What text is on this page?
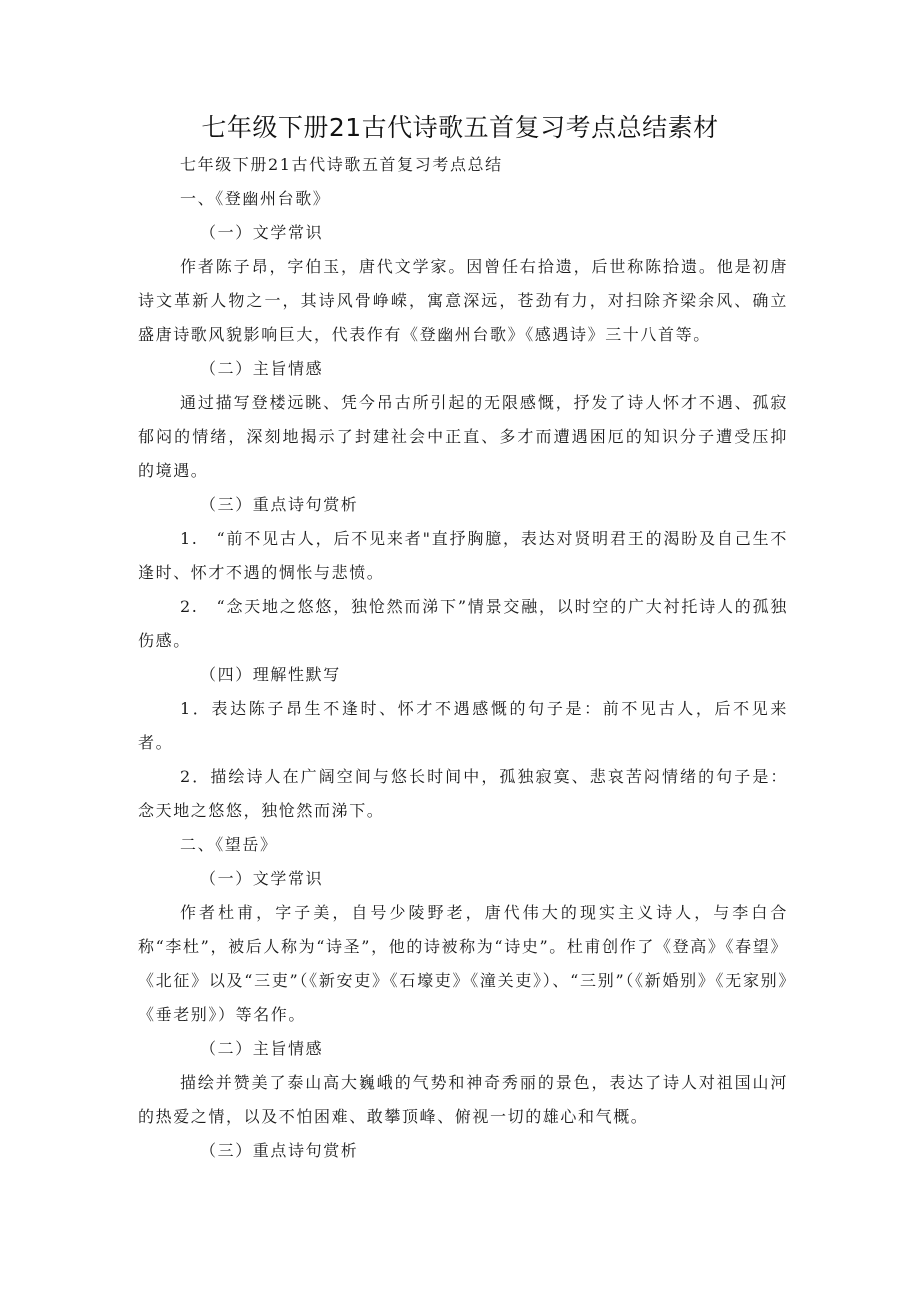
七年级下册21古代诗歌五首复习考点总结素材

七年级下册21古代诗歌五首复习考点总结

一、《登幽州台歌》

（一）文学常识

作者陈子昂，字伯玉，唐代文学家。因曾任右拾遗，后世称陈拾遗。他是初唐诗文革新人物之一，其诗风骨峥嵘，寓意深远，苍劲有力，对扫除齐梁余风、确立盛唐诗歌风貌影响巨大，代表作有《登幽州台歌》《感遇诗》三十八首等。

（二）主旨情感

通过描写登楼远眺、凭今吊古所引起的无限感慨，抒发了诗人怀才不遇、孤寂郁闷的情绪，深刻地揭示了封建社会中正直、多才而遭遇困厄的知识分子遭受压抑的境遇。

（三）重点诗句赏析

1.　“前不见古人，后不见来者"直抒胸臆，表达对贤明君王的渴盼及自己生不逢时、怀才不遇的惆怅与悲愤。

2.　“念天地之悠悠，独怆然而涕下”情景交融，以时空的广大衬托诗人的孤独伤感。

（四）理解性默写

1．表达陈子昂生不逢时、怀才不遇感慨的句子是：前不见古人，后不见来者。

2．描绘诗人在广阔空间与悠长时间中，孤独寂寞、悲哀苦闷情绪的句子是：念天地之悠悠，独怆然而涕下。

二、《望岳》

（一）文学常识

作者杜甫，字子美，自号少陵野老，唐代伟大的现实主义诗人，与李白合称“李杜”，被后人称为“诗圣”，他的诗被称为“诗史”。杜甫创作了《登高》《春望》《北征》以及“三吏”（《新安吏》《石壕吏》《潼关吏》）、“三别”（《新婚别》《无家别》《垂老别》）等名作。

（二）主旨情感

描绘并赞美了泰山高大巍峨的气势和神奇秀丽的景色，表达了诗人对祖国山河的热爱之情，以及不怕困难、敢攀顶峰、俯视一切的雄心和气概。

（三）重点诗句赏析
